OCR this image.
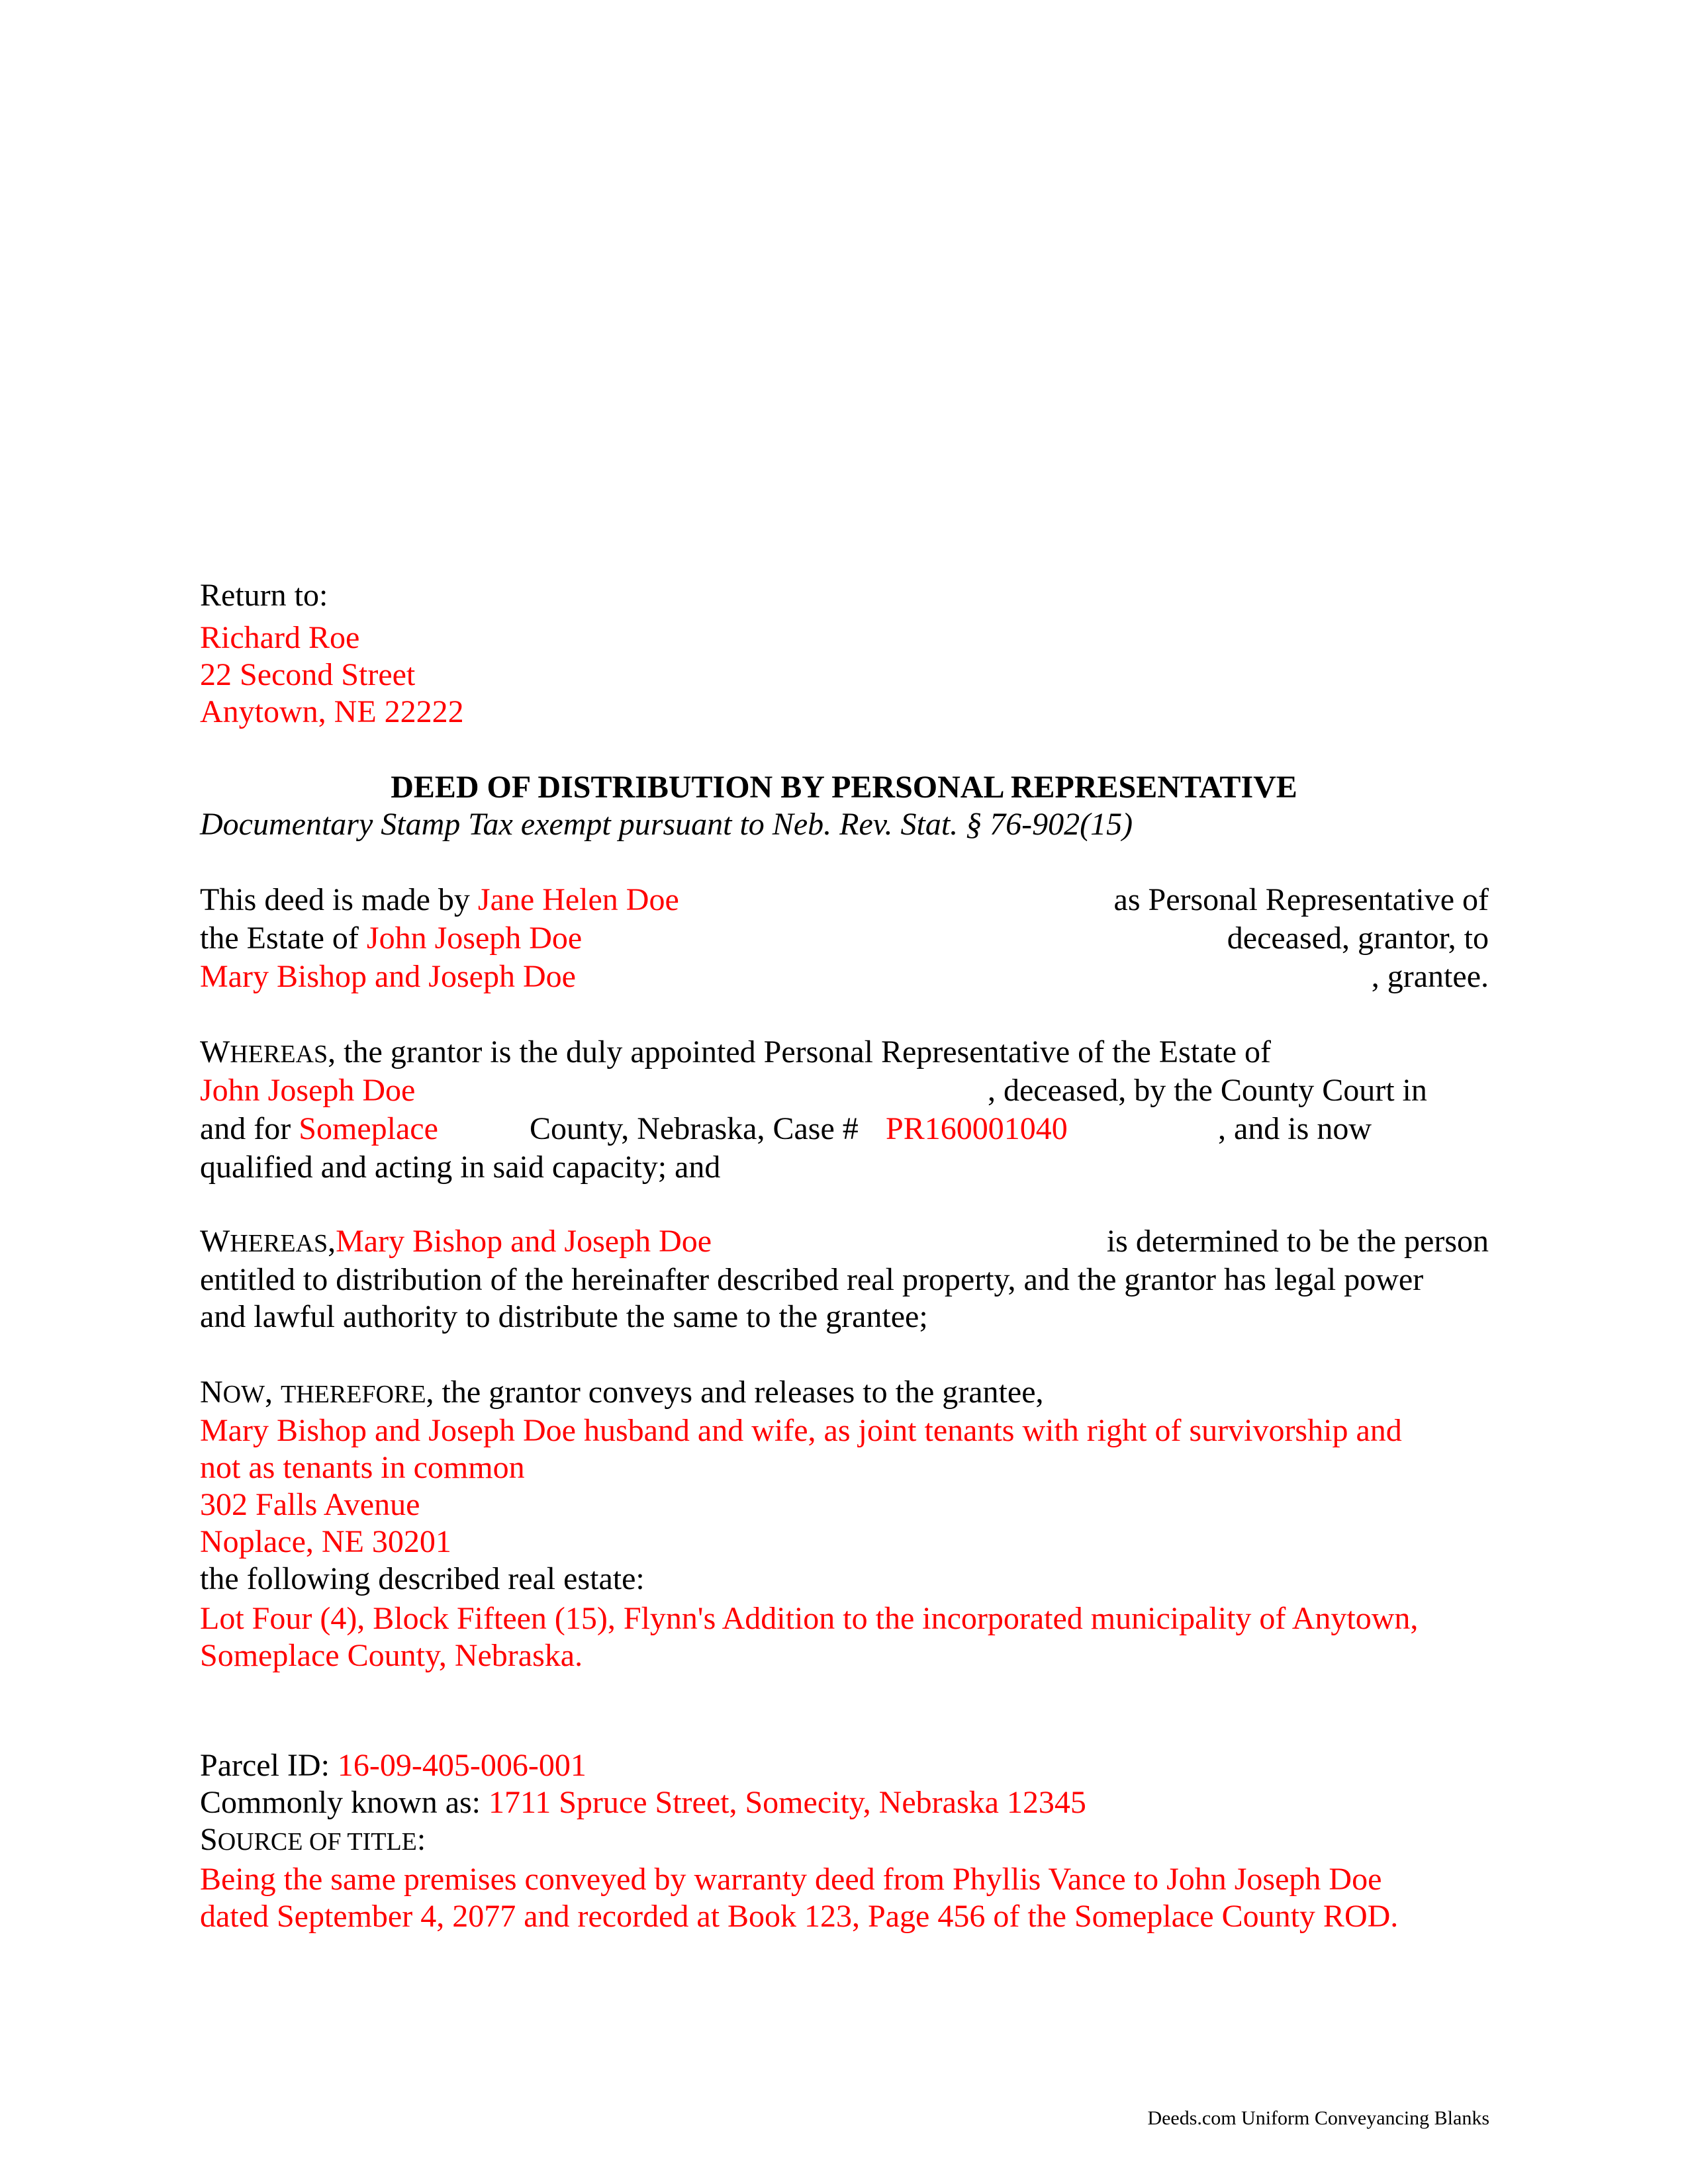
Return to:
Richard Roe
22 Second Street
Anytown, NE 22222
DEED OF DISTRIBUTION BY PERSONAL REPRESENTATIVE
Documentary Stamp Tax exempt pursuant to Neb. Rev. Stat. § 76-902(15)
This deed is made by Jane Helen Doe	as Personal Representative of
the Estate of John Joseph Doe	deceased, grantor, to
Mary Bishop and Joseph Doe	, grantee.
WHEREAS, the grantor is the duly appointed Personal Representative of the Estate of
John Joseph Doe	, deceased, by the County Court in
and for Someplace	County, Nebraska, Case # PR160001040	, and is now
qualified and acting in said capacity; and
WHEREAS,Mary Bishop and Joseph Doe	is determined to be the person
entitled to distribution of the hereinafter described real property, and the grantor has legal power
and lawful authority to distribute the same to the grantee;
NOW, THEREFORE, the grantor conveys and releases to the grantee,
Mary Bishop and Joseph Doe husband and wife, as joint tenants with right of survivorship and
not as tenants in common
302 Falls Avenue
Noplace, NE 30201
the following described real estate:
Lot Four (4), Block Fifteen (15), Flynn's Addition to the incorporated municipality of Anytown,
Someplace County, Nebraska.
Parcel ID: 16-09-405-006-001
Commonly known as: 1711 Spruce Street, Somecity, Nebraska 12345
SOURCE OF TITLE:
Being the same premises conveyed by warranty deed from Phyllis Vance to John Joseph Doe
dated September 4, 2077 and recorded at Book 123, Page 456 of the Someplace County ROD.
Deeds.com Uniform Conveyancing Blanks
